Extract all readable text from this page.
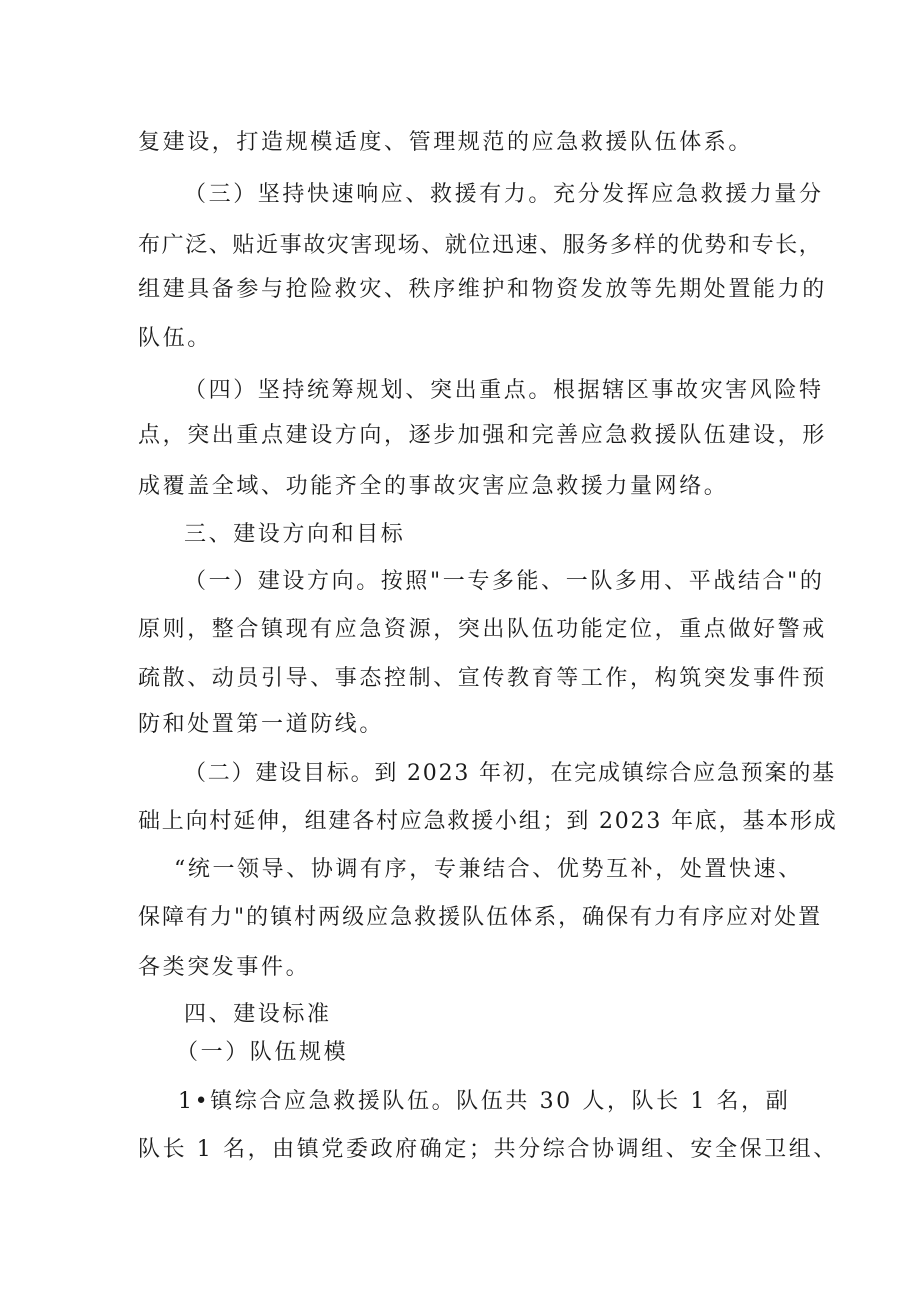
复建设，打造规模适度、管理规范的应急救援队伍体系。
（三）坚持快速响应、救援有力。充分发挥应急救援力量分
布广泛、贴近事故灾害现场、就位迅速、服务多样的优势和专长，
组建具备参与抢险救灾、秩序维护和物资发放等先期处置能力的
队伍。
（四）坚持统筹规划、突出重点。根据辖区事故灾害风险特
点，突出重点建设方向，逐步加强和完善应急救援队伍建设，形
成覆盖全域、功能齐全的事故灾害应急救援力量网络。
三、建设方向和目标
（一）建设方向。按照"一专多能、一队多用、平战结合"的
原则，整合镇现有应急资源，突出队伍功能定位，重点做好警戒
疏散、动员引导、事态控制、宣传教育等工作，构筑突发事件预
防和处置第一道防线。
（二）建设目标。到 2023 年初，在完成镇综合应急预案的基
础上向村延伸，组建各村应急救援小组；到 2023 年底，基本形成
“统一领导、协调有序，专兼结合、优势互补，处置快速、
保障有力"的镇村两级应急救援队伍体系，确保有力有序应对处置
各类突发事件。
四、建设标准
（一）队伍规模
1•镇综合应急救援队伍。队伍共 30 人，队长 1 名，副
队长 1 名，由镇党委政府确定；共分综合协调组、安全保卫组、
